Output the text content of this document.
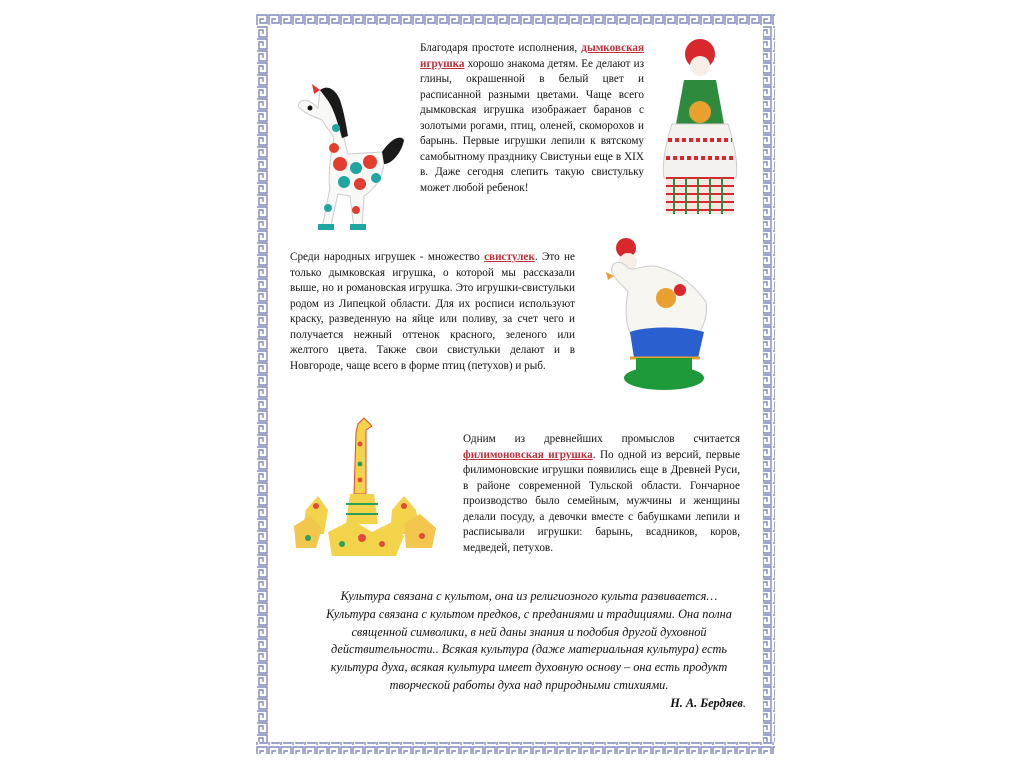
Благодаря простоте исполнения, дымковская игрушка хорошо знакома детям. Ее делают из глины, окрашенной в белый цвет и расписанной разными цветами. Чаще всего дымковская игрушка изображает баранов с золотыми рогами, птиц, оленей, скоморохов и барынь. Первые игрушки лепили к вятскому самобытному празднику Свистуньи еще в XIX в. Даже сегодня слепить такую свистульку может любой ребенок!
Среди народных игрушек - множество свистулек. Это не только дымковская игрушка, о которой мы рассказали выше, но и романовская игрушка. Это игрушки-свистульки родом из Липецкой области. Для их росписи используют краску, разведенную на яйце или поливу, за счет чего и получается нежный оттенок красного, зеленого или желтого цвета. Также свои свистульки делают и в Новгороде, чаще всего в форме птиц (петухов) и рыб.
Одним из древнейших промыслов считается филимоновская игрушка. По одной из версий, первые филимоновские игрушки появились еще в Древней Руси, в районе современной Тульской области. Гончарное производство было семейным, мужчины и женщины делали посуду, а девочки вместе с бабушками лепили и расписывали игрушки: барынь, всадников, коров, медведей, петухов.
Культура связана с культом, она из религиозного культа развивается… Культура связана с культом предков, с преданиями и традициями. Она полна священной символики, в ней даны знания и подобия другой духовной действительности.. Всякая культура (даже материальная культура) есть культура духа, всякая культура имеет духовную основу – она есть продукт творческой работы духа над природными стихиями.
Н. А. Бердяев.
